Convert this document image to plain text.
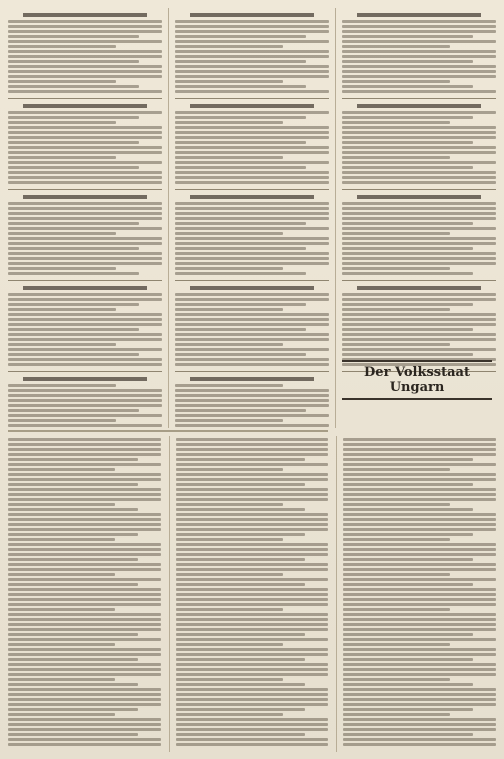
Der Volksstaat Ungarn
